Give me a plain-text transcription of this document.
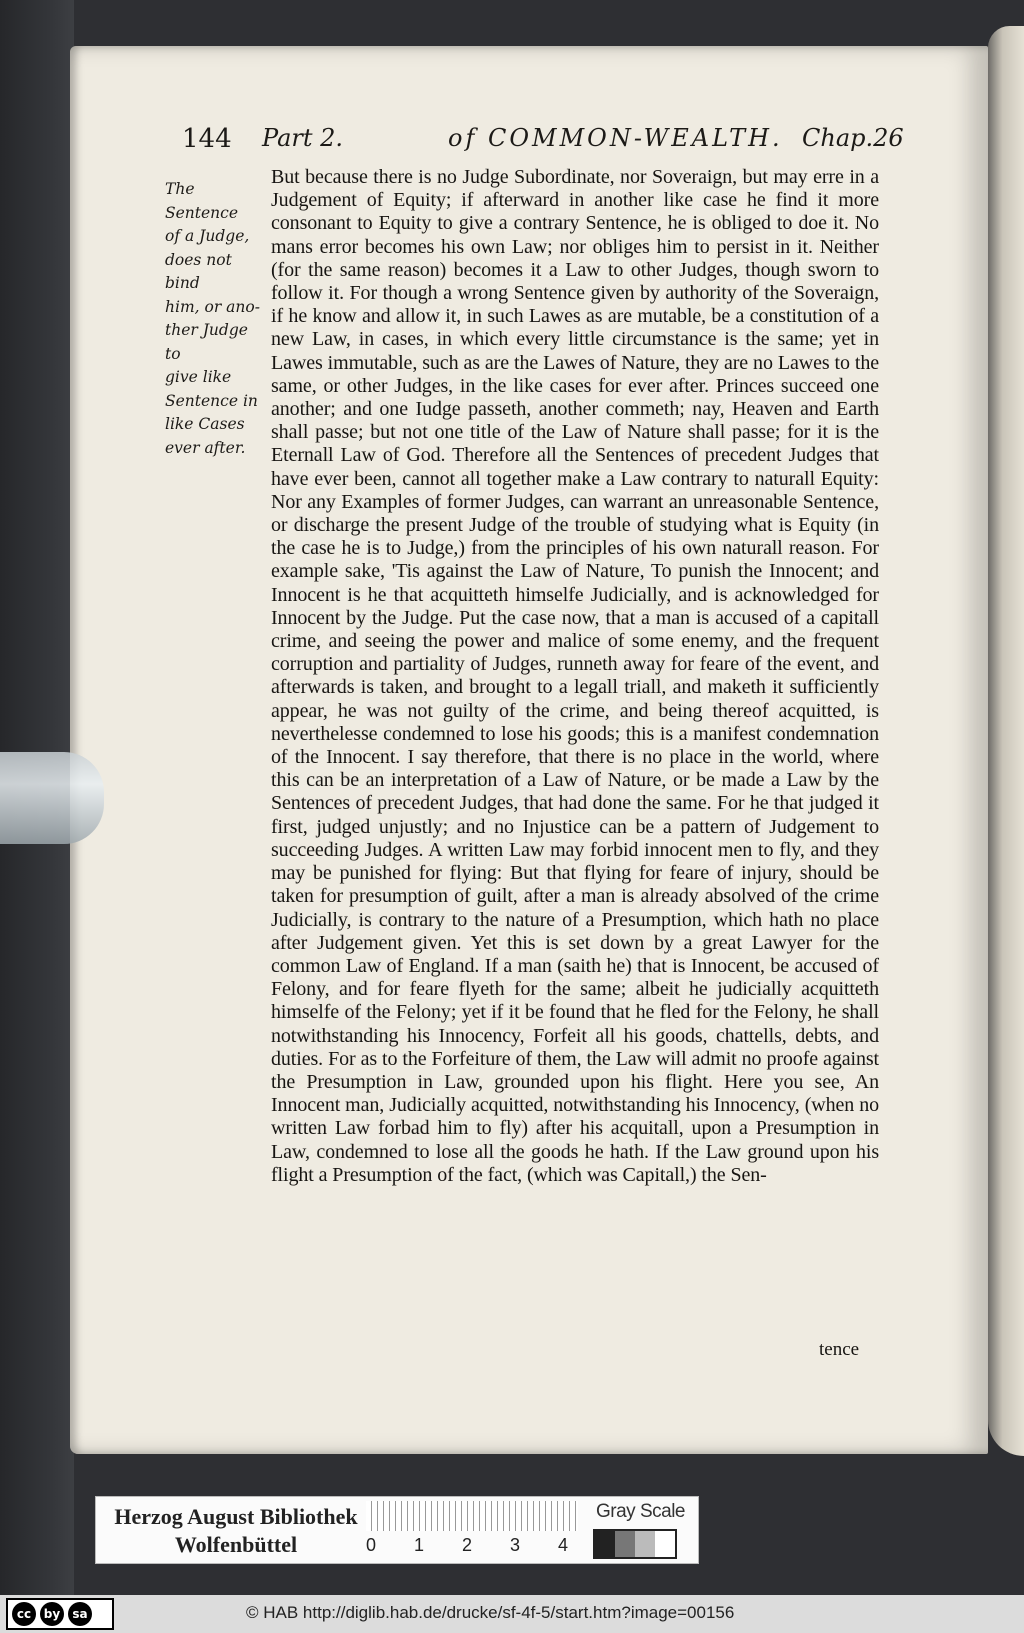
144 Part 2.	of COMMON-WEALTH. Chap.26
The Sentence
of a Judge,
does not bind
him, or ano-
ther Judge to
give like
Sentence in
like Cases
ever after.

But because there is no Judge Subordinate, nor Soveraign, but may erre in a Judgement of Equity; if afterward in another like case he find it more consonant to Equity to give a contrary Sentence, he is obliged to doe it. No mans error becomes his own Law; nor obliges him to persist in it. Neither (for the same reason) becomes it a Law to other Judges, though sworn to follow it. For though a wrong Sentence given by authority of the Soveraign, if he know and allow it, in such Lawes as are mutable, be a constitution of a new Law, in cases, in which every little circumstance is the same; yet in Lawes immutable, such as are the Lawes of Nature, they are no Lawes to the same, or other Judges, in the like cases for ever after. Princes succeed one another; and one Iudge passeth, another commeth; nay, Heaven and Earth shall passe; but not one title of the Law of Nature shall passe; for it is the Eternall Law of God. Therefore all the Sentences of precedent Judges that have ever been, cannot all together make a Law contrary to naturall Equity: Nor any Examples of former Judges, can warrant an unreasonable Sentence, or discharge the present Judge of the trouble of studying what is Equity (in the case he is to Judge,) from the principles of his own naturall reason. For example sake, 'Tis against the Law of Nature, To punish the Innocent; and Innocent is he that acquitteth himselfe Judicially, and is acknowledged for Innocent by the Judge. Put the case now, that a man is accused of a capitall crime, and seeing the power and malice of some enemy, and the frequent corruption and partiality of Judges, runneth away for feare of the event, and afterwards is taken, and brought to a legall triall, and maketh it sufficiently appear, he was not guilty of the crime, and being thereof acquitted, is neverthelesse condemned to lose his goods; this is a manifest condemnation of the Innocent. I say therefore, that there is no place in the world, where this can be an interpretation of a Law of Nature, or be made a Law by the Sentences of precedent Judges, that had done the same. For he that judged it first, judged unjustly; and no Injustice can be a pattern of Judgement to succeeding Judges. A written Law may forbid innocent men to fly, and they may be punished for flying: But that flying for feare of injury, should be taken for presumption of guilt, after a man is already absolved of the crime Judicially, is contrary to the nature of a Presumption, which hath no place after Judgement given. Yet this is set down by a great Lawyer for the common Law of England. If a man (saith he) that is Innocent, be accused of Felony, and for feare flyeth for the same; albeit he judicially acquitteth himselfe of the Felony; yet if it be found that he fled for the Felony, he shall notwithstanding his Innocency, Forfeit all his goods, chattells, debts, and duties. For as to the Forfeiture of them, the Law will admit no proofe against the Presumption in Law, grounded upon his flight. Here you see, An Innocent man, Judicially acquitted, notwithstanding his Innocency, (when no written Law forbad him to fly) after his acquitall, upon a Presumption in Law, condemned to lose all the goods he hath. If the Law ground upon his flight a Presumption of the fact, (which was Capitall,) the Sen-

tence
Herzog August Bibliothek
Wolfenbüttel	0 1 2 3 4
Gray Scale
cc	by	sa	© HAB http://diglib.hab.de/drucke/sf-4f-5/start.htm?image=00156
